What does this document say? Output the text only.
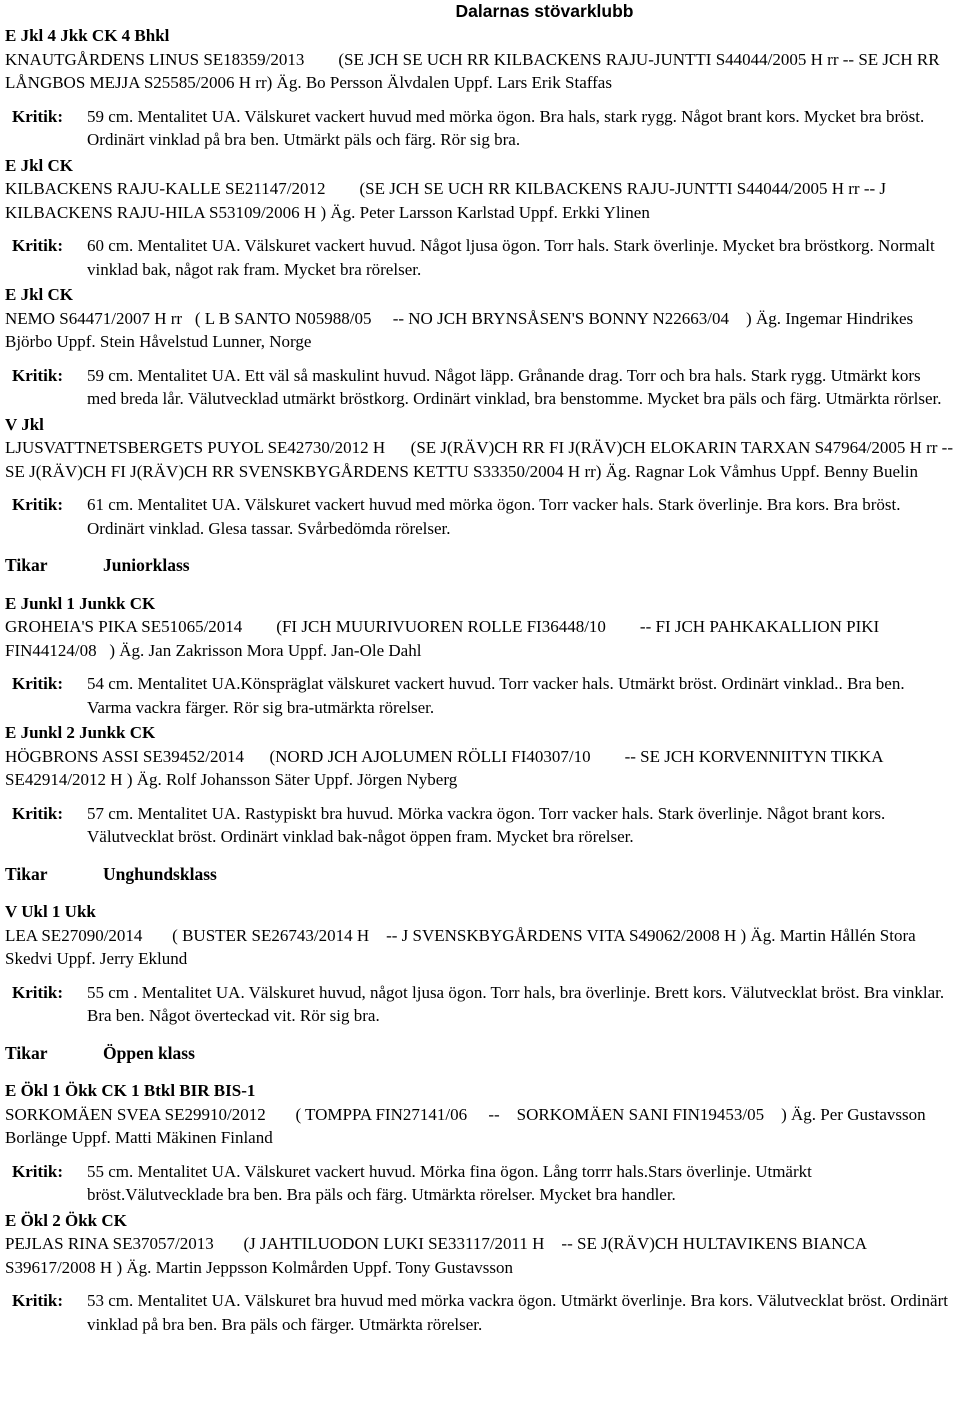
Dalarnas stövarklubb
E Jkl 4 Jkk CK 4 Bhkl
KNAUTGÅRDENS LINUS SE18359/2013        (SE JCH SE UCH RR KILBACKENS RAJU-JUNTTI S44044/2005 H rr -- SE JCH RR LÅNGBOS MEJJA S25585/2006 H rr) Äg. Bo Persson Älvdalen Uppf. Lars Erik Staffas
Kritik:	59 cm. Mentalitet UA. Välskuret vackert huvud med mörka ögon. Bra hals, stark rygg. Något brant kors. Mycket bra bröst. Ordinärt vinklad på bra ben. Utmärkt päls och färg. Rör sig bra.
E Jkl CK
KILBACKENS RAJU-KALLE SE21147/2012        (SE JCH SE UCH RR KILBACKENS RAJU-JUNTTI S44044/2005 H rr -- J KILBACKENS RAJU-HILA S53109/2006 H ) Äg. Peter Larsson Karlstad Uppf. Erkki Ylinen
Kritik:	60 cm. Mentalitet UA. Välskuret vackert huvud. Något ljusa ögon. Torr hals. Stark överlinje. Mycket bra bröstkorg. Normalt vinklad bak, något rak fram. Mycket bra rörelser.
E Jkl CK
NEMO S64471/2007 H rr   ( L B SANTO N05988/05     -- NO JCH BRYNSÅSEN'S BONNY N22663/04    ) Äg. Ingemar Hindrikes Björbo Uppf. Stein Håvelstud Lunner, Norge
Kritik:	59 cm. Mentalitet UA. Ett väl så maskulint huvud. Något läpp. Grånande drag. Torr och bra hals. Stark rygg. Utmärkt kors med breda lår. Välutvecklad utmärkt bröstkorg. Ordinärt vinklad, bra benstomme. Mycket bra päls och färg. Utmärkta rörlser.
V Jkl
LJUSVATTNETSBERGETS PUYOL SE42730/2012 H      (SE J(RÄV)CH RR FI J(RÄV)CH ELOKARIN TARXAN S47964/2005 H rr -- SE J(RÄV)CH FI J(RÄV)CH RR SVENSKBYGÅRDENS KETTU S33350/2004 H rr) Äg. Ragnar Lok Våmhus Uppf. Benny Buelin
Kritik:	61 cm. Mentalitet UA. Välskuret vackert huvud med mörka ögon. Torr vacker hals. Stark överlinje. Bra kors. Bra bröst. Ordinärt vinklad. Glesa tassar. Svårbedömda rörelser.
Tikar	Juniorklass
E Junkl 1 Junkk CK
GROHEIA'S PIKA SE51065/2014        (FI JCH MUURIVUOREN ROLLE FI36448/10        -- FI JCH PAHKAKALLION PIKI FIN44124/08   ) Äg. Jan Zakrisson Mora Uppf. Jan-Ole Dahl
Kritik:	54 cm. Mentalitet UA.Könspräglat välskuret vackert huvud. Torr vacker hals. Utmärkt bröst. Ordinärt vinklad.. Bra ben. Varma vackra färger. Rör sig bra-utmärkta rörelser.
E Junkl 2 Junkk CK
HÖGBRONS ASSI SE39452/2014      (NORD JCH AJOLUMEN RÖLLI FI40307/10        -- SE JCH KORVENNIITYN TIKKA SE42914/2012 H ) Äg. Rolf Johansson Säter Uppf. Jörgen Nyberg
Kritik:	57 cm. Mentalitet UA. Rastypiskt bra huvud. Mörka vackra ögon. Torr vacker hals. Stark överlinje. Något brant kors. Välutvecklat bröst. Ordinärt vinklad bak-något öppen fram. Mycket bra rörelser.
Tikar	Unghundsklass
V Ukl 1 Ukk
LEA SE27090/2014       ( BUSTER SE26743/2014 H    -- J SVENSKBYGÅRDENS VITA S49062/2008 H ) Äg. Martin Hållén Stora Skedvi Uppf. Jerry Eklund
Kritik:	55 cm . Mentalitet UA. Välskuret huvud, något ljusa ögon. Torr hals, bra överlinje. Brett kors. Välutvecklat bröst. Bra vinklar. Bra ben. Något överteckad vit. Rör sig bra.
Tikar	Öppen klass
E Ökl 1 Ökk CK 1 Btkl BIR BIS-1
SORKOMÄEN SVEA SE29910/2012       ( TOMPPA FIN27141/06     --    SORKOMÄEN SANI FIN19453/05    ) Äg. Per Gustavsson Borlänge Uppf. Matti Mäkinen Finland
Kritik:	55 cm. Mentalitet UA. Välskuret vackert huvud. Mörka fina ögon. Lång torrr hals.Stars överlinje. Utmärkt bröst.Välutvecklade bra ben. Bra päls och färg. Utmärkta rörelser. Mycket bra handler.
E Ökl 2 Ökk CK
PEJLAS RINA SE37057/2013       (J JAHTILUODON LUKI SE33117/2011 H    -- SE J(RÄV)CH HULTAVIKENS BIANCA S39617/2008 H ) Äg. Martin Jeppsson Kolmården Uppf. Tony Gustavsson
Kritik:	53 cm. Mentalitet UA. Välskuret bra huvud med mörka vackra ögon. Utmärkt överlinje. Bra kors. Välutvecklat bröst. Ordinärt vinklad på bra ben. Bra päls och färger. Utmärkta rörelser.
